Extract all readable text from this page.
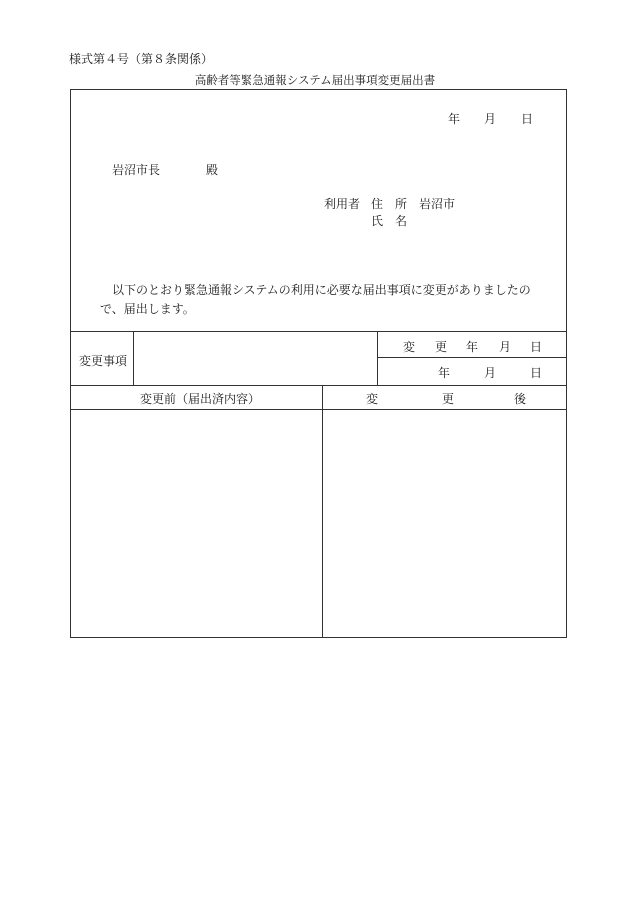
様式第４号（第８条関係）
高齢者等緊急通報システム届出事項変更届出書
年 月 日
岩沼市長	殿
利用者 住　所 岩沼市
氏　名
以下のとおり緊急通報システムの利用に必要な届出事項に変更がありましたの
で、届出します。
変更事項
変 更 年 月 日
年	月	日
変更前（届出済内容）	変	更	後
